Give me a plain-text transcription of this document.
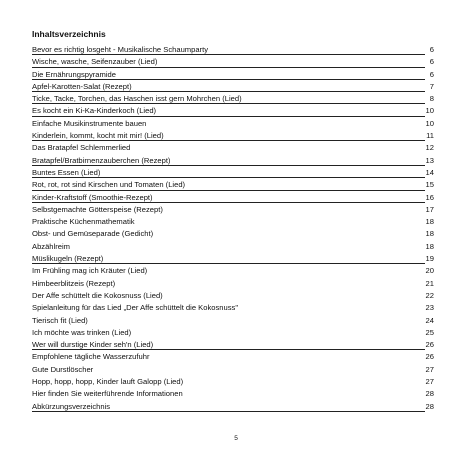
Inhaltsverzeichnis
Bevor es richtig losgeht - Musikalische Schaumparty	6
Wische, wasche, Seifenzauber (Lied)	6
Die Ernährungspyramide	6
Apfel-Karotten-Salat (Rezept)	7
Ticke, Tacke, Torchen, das Haschen isst gern Mohrchen (Lied)	8
Es kocht ein Ki-Ka-Kinderkoch (Lied)	10
Einfache Musikinstrumente bauen	10
Kinderlein, kommt, kocht mit mir! (Lied)	11
Das Bratapfel Schlemmerlied	12
Bratapfel/Bratbirnenzauberchen (Rezept)	13
Buntes Essen (Lied)	14
Rot, rot, rot sind Kirschen und Tomaten (Lied)	15
Kinder-Kraftstoff (Smoothie-Rezept)	16
Selbstgemachte Götterspeise (Rezept)	17
Praktische Küchenmathematik	18
Obst- und Gemüseparade (Gedicht)	18
Abzählreim	18
Müslikugeln (Rezept)	19
Im Frühling mag ich Kräuter (Lied)	20
Himbeerblitzeis (Rezept)	21
Der Affe schüttelt die Kokosnuss (Lied)	22
Spielanleitung für das Lied „Der Affe schüttelt die Kokosnuss"	23
Tierisch fit (Lied)	24
Ich möchte was trinken (Lied)	25
Wer will durstige Kinder seh'n (Lied)	26
Empfohlene tägliche Wasserzufuhr	26
Gute Durstlöscher	27
Hopp, hopp, hopp, Kinder lauft Galopp (Lied)	27
Hier finden Sie weiterführende Informationen	28
Abkürzungsverzeichnis	28
5
